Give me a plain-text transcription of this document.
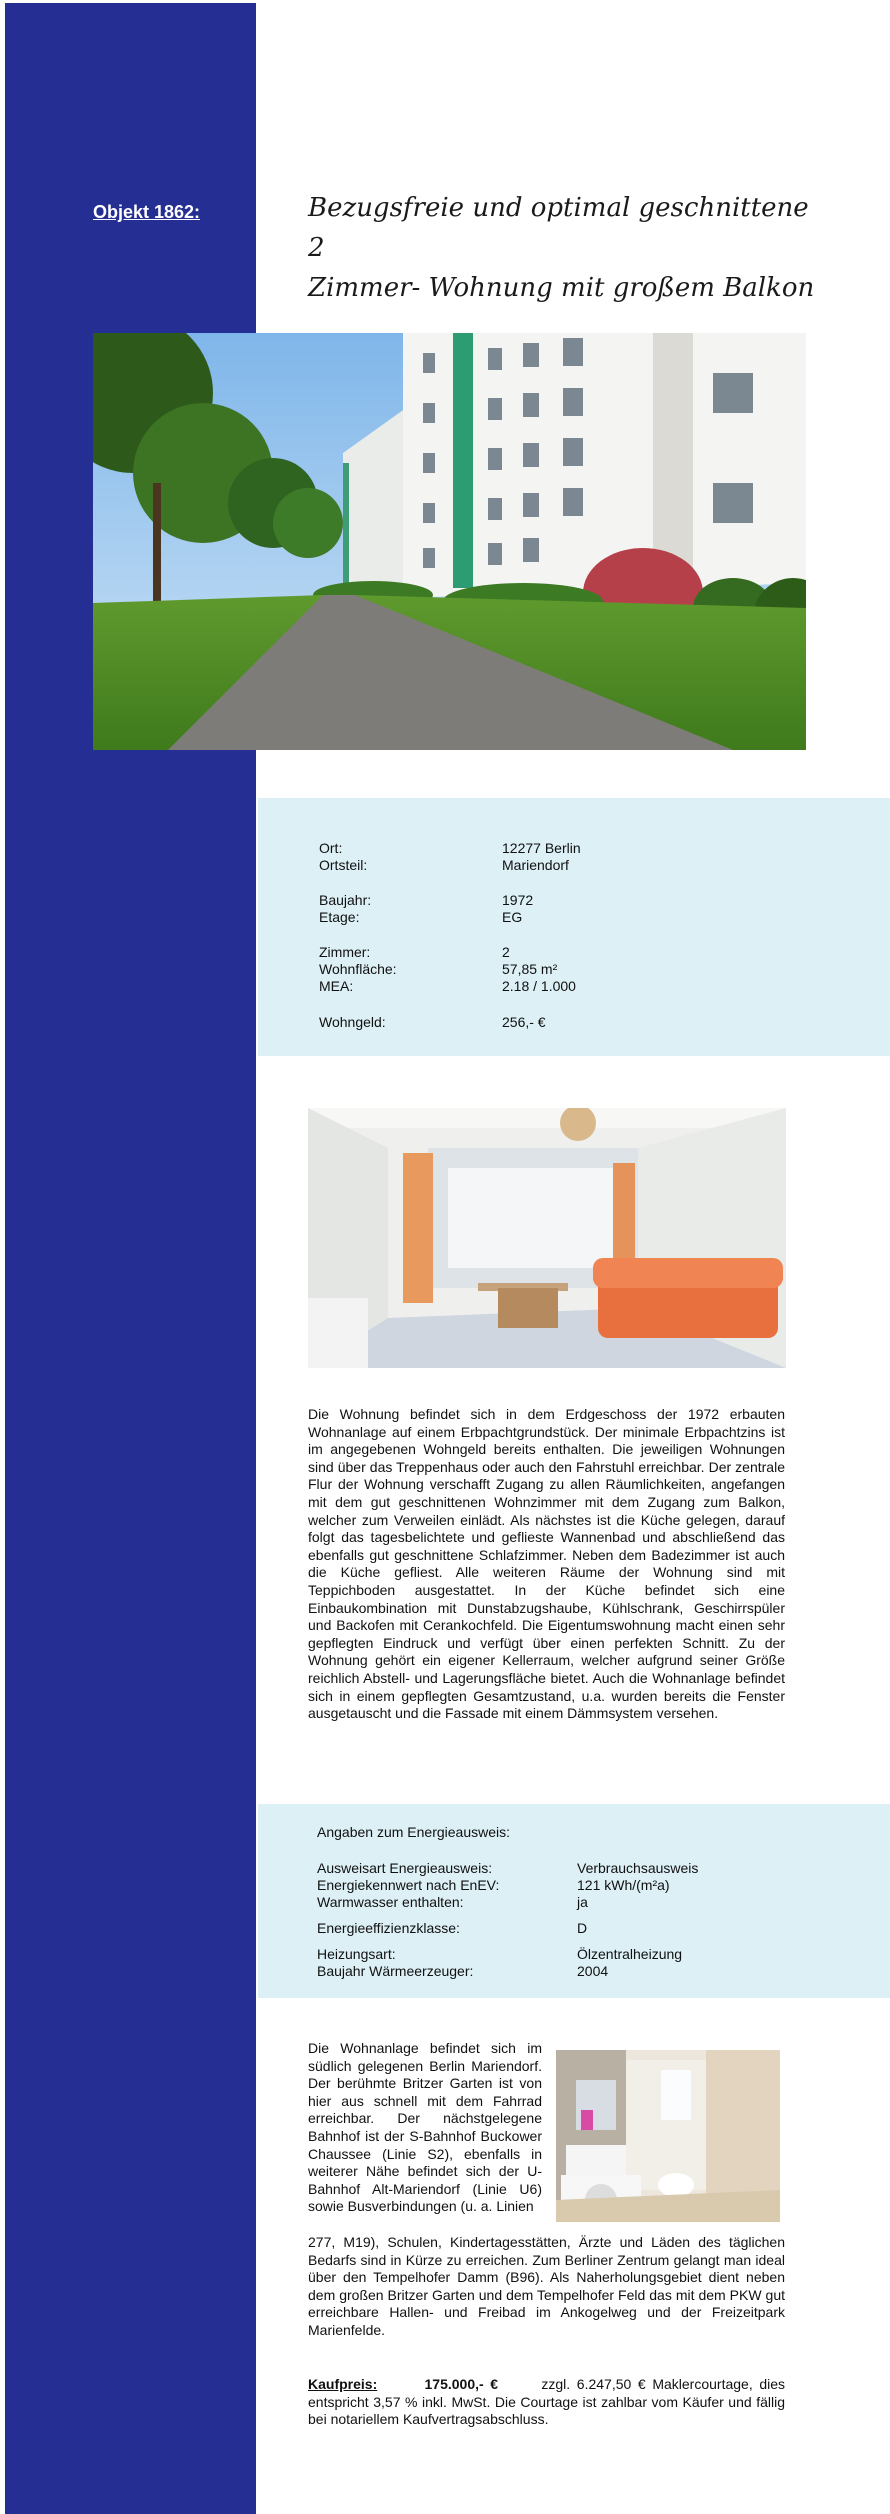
Objekt 1862:	Bezugsfreie und optimal geschnittene 2
Zimmer- Wohnung mit großem Balkon
Ort:	12277 Berlin
Ortsteil:	Mariendorf
Baujahr:	1972
Etage:	EG
Zimmer:	2
Wohnfläche:	57,85 m²
MEA:	2.18 / 1.000
Wohngeld:	256,- €
Die Wohnung befindet sich in dem Erdgeschoss der 1972 erbauten Wohnanlage auf einem Erbpachtgrundstück. Der minimale Erbpachtzins ist im angegebenen Wohngeld bereits enthalten. Die jeweiligen Wohnungen sind über das Treppenhaus oder auch den Fahrstuhl erreichbar. Der zentrale Flur der Wohnung verschafft Zugang zu allen Räumlichkeiten, angefangen mit dem gut geschnittenen Wohnzimmer mit dem Zugang zum Balkon, welcher zum Verweilen einlädt. Als nächstes ist die Küche gelegen, darauf folgt das tagesbelichtete und geflieste Wannenbad und abschließend das ebenfalls gut geschnittene Schlafzimmer. Neben dem Badezimmer ist auch die Küche gefliest. Alle weiteren Räume der Wohnung sind mit Teppichboden ausgestattet. In der Küche befindet sich eine Einbaukombination mit Dunstabzugshaube, Kühlschrank, Geschirrspüler und Backofen mit Cerankochfeld. Die Eigentumswohnung macht einen sehr gepflegten Eindruck und verfügt über einen perfekten Schnitt. Zu der Wohnung gehört ein eigener Kellerraum, welcher aufgrund seiner Größe reichlich Abstell- und Lagerungsfläche bietet. Auch die Wohnanlage befindet sich in einem gepflegten Gesamtzustand, u.a. wurden bereits die Fenster ausgetauscht und die Fassade mit einem Dämmsystem versehen.
Angaben zum Energieausweis:
Ausweisart Energieausweis:	Verbrauchsausweis
Energiekennwert nach EnEV:	121 kWh/(m²a)
Warmwasser enthalten:	ja
Energieeffizienzklasse:	D
Heizungsart:	Ölzentralheizung
Baujahr Wärmeerzeuger:	2004
Die Wohnanlage befindet sich im südlich gelegenen Berlin Mariendorf. Der berühmte Britzer Garten ist von hier aus schnell mit dem Fahrrad erreichbar. Der nächstgelegene Bahnhof ist der S-Bahnhof Buckower Chaussee (Linie S2), ebenfalls in weiterer Nähe befindet sich der U-Bahnhof Alt-Mariendorf (Linie U6) sowie Busverbindungen (u. a. Linien
277, M19), Schulen, Kindertagesstätten, Ärzte und Läden des täglichen Bedarfs sind in Kürze zu erreichen. Zum Berliner Zentrum gelangt man ideal über den Tempelhofer Damm (B96). Als Naherholungsgebiet dient neben dem großen Britzer Garten und dem Tempelhofer Feld das mit dem PKW gut erreichbare Hallen- und Freibad im Ankogelweg und der Freizeitpark Marienfelde.
Kaufpreis:	175.000,- €	zzgl. 6.247,50 € Maklercourtage, dies entspricht 3,57 % inkl. MwSt. Die Courtage ist zahlbar vom Käufer und fällig bei notariellem Kaufvertragsabschluss.
